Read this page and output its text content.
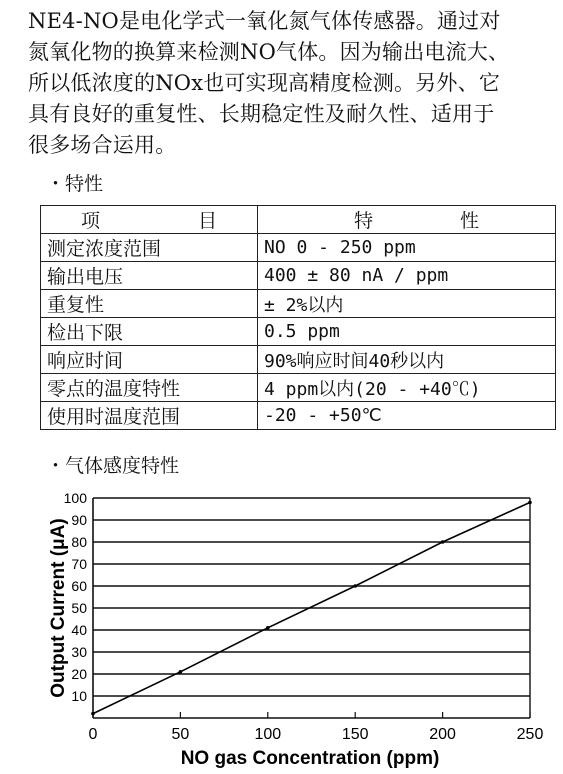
NE4-NO是电化学式一氧化氮气体传感器。通过对
氮氧化物的换算来检测NO气体。因为输出电流大、
所以低浓度的NOx也可实现高精度检测。另外、它
具有良好的重复性、长期稳定性及耐久性、适用于
很多场合运用。
・特性
项 目	特 性

测定浓度范围	NO 0 - 250 ppm
输出电压	400 ± 80 nA / ppm
重复性	± 2%以内
检出下限	0.5 ppm
响应时间	90%响应时间40秒以内
零点的温度特性	4 ppm以内(20 - +40℃)
使用时温度范围	-20 - +50℃
・气体感度特性
10
20
30
40
50
60
70
80
90
100
0	50	100	150	200	250
NO gas Concentration (ppm)
Output Current (μA)
